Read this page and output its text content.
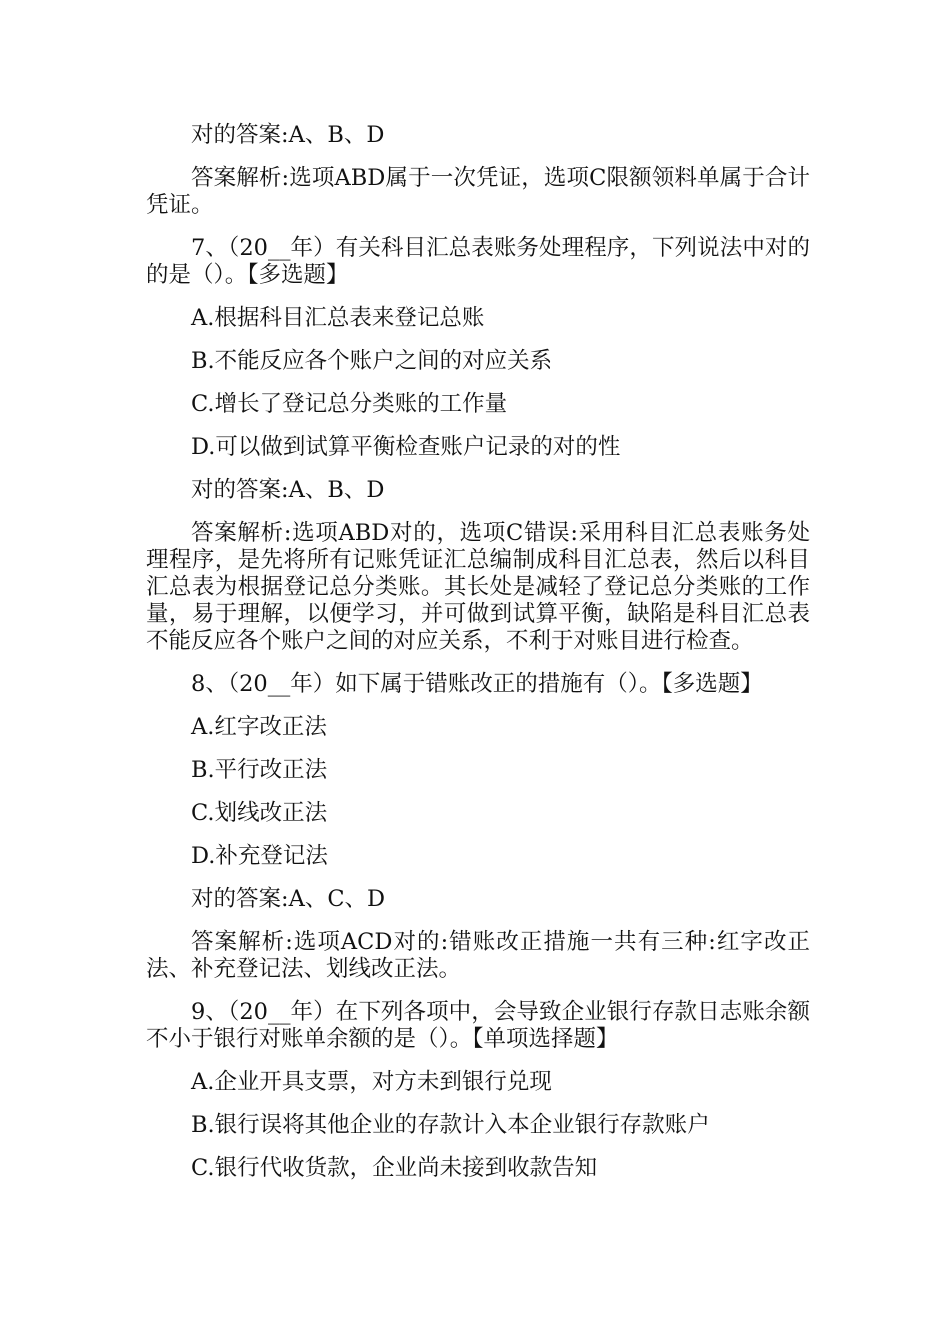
对的答案:A、B、D

答案解析:选项ABD属于一次凭证，选项C限额领料单属于合计凭证。

7、（20__年）有关科目汇总表账务处理程序，下列说法中对的的是（）。【多选题】

A.根据科目汇总表来登记总账

B.不能反应各个账户之间的对应关系

C.增长了登记总分类账的工作量

D.可以做到试算平衡检查账户记录的对的性

对的答案:A、B、D

答案解析:选项ABD对的，选项C错误:采用科目汇总表账务处理程序，是先将所有记账凭证汇总编制成科目汇总表，然后以科目汇总表为根据登记总分类账。其长处是减轻了登记总分类账的工作量，易于理解，以便学习，并可做到试算平衡，缺陷是科目汇总表不能反应各个账户之间的对应关系，不利于对账目进行检查。

8、（20__年）如下属于错账改正的措施有（）。【多选题】

A.红字改正法

B.平行改正法

C.划线改正法

D.补充登记法

对的答案:A、C、D

答案解析:选项ACD对的:错账改正措施一共有三种:红字改正法、补充登记法、划线改正法。

9、（20__年）在下列各项中，会导致企业银行存款日志账余额不小于银行对账单余额的是（）。【单项选择题】

A.企业开具支票，对方未到银行兑现

B.银行误将其他企业的存款计入本企业银行存款账户

C.银行代收货款，企业尚未接到收款告知
